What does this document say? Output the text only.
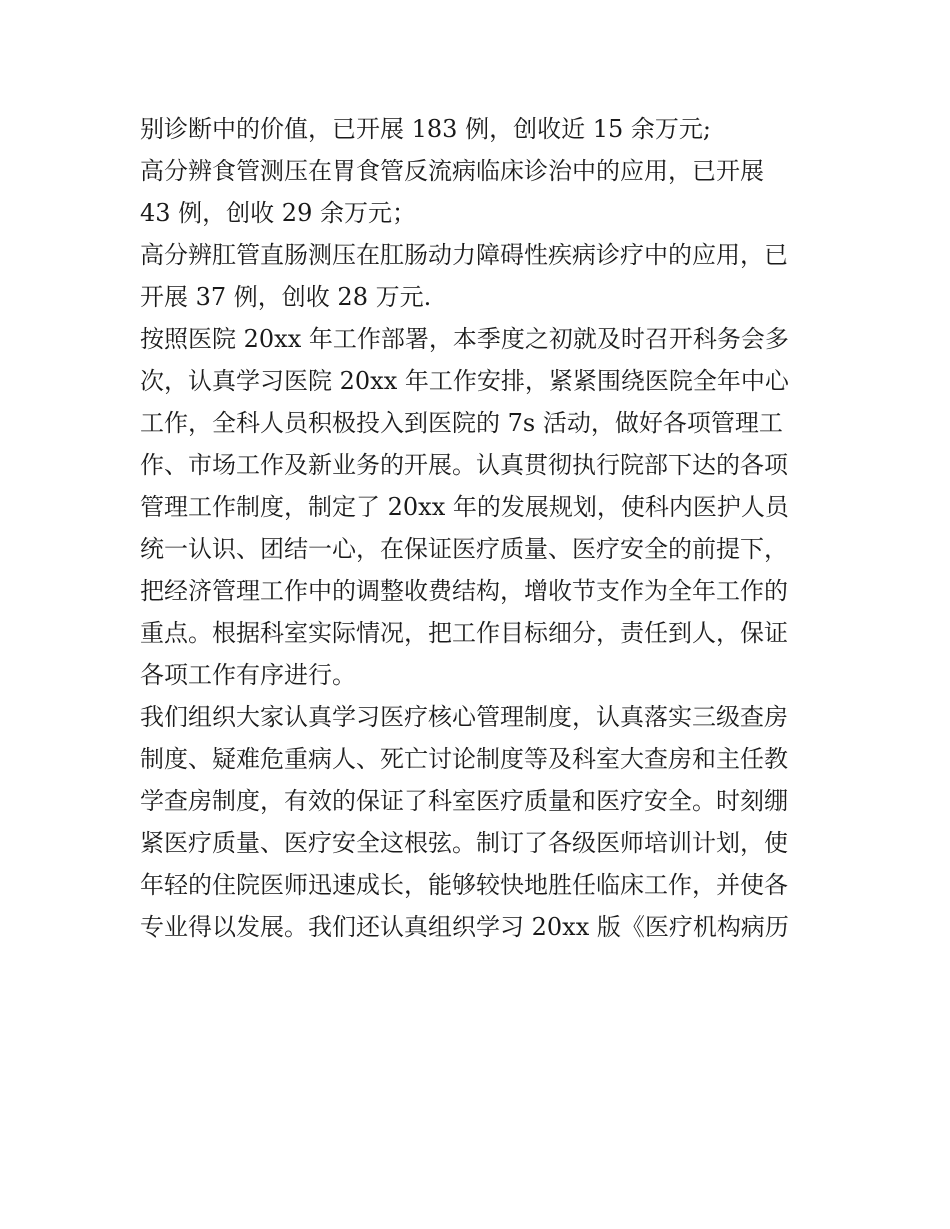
别诊断中的价值，已开展 183 例，创收近 15 余万元;
高分辨食管测压在胃食管反流病临床诊治中的应用，已开展
43 例，创收 29 余万元；
高分辨肛管直肠测压在肛肠动力障碍性疾病诊疗中的应用，已
开展 37 例，创收 28 万元.
按照医院 20xx 年工作部署，本季度之初就及时召开科务会多
次，认真学习医院 20xx 年工作安排，紧紧围绕医院全年中心
工作，全科人员积极投入到医院的 7s 活动，做好各项管理工
作、市场工作及新业务的开展。认真贯彻执行院部下达的各项
管理工作制度，制定了 20xx 年的发展规划，使科内医护人员
统一认识、团结一心，在保证医疗质量、医疗安全的前提下，
把经济管理工作中的调整收费结构，增收节支作为全年工作的
重点。根据科室实际情况，把工作目标细分，责任到人，保证
各项工作有序进行。
我们组织大家认真学习医疗核心管理制度，认真落实三级查房
制度、疑难危重病人、死亡讨论制度等及科室大查房和主任教
学查房制度，有效的保证了科室医疗质量和医疗安全。时刻绷
紧医疗质量、医疗安全这根弦。制订了各级医师培训计划，使
年轻的住院医师迅速成长，能够较快地胜任临床工作，并使各
专业得以发展。我们还认真组织学习 20xx 版《医疗机构病历
